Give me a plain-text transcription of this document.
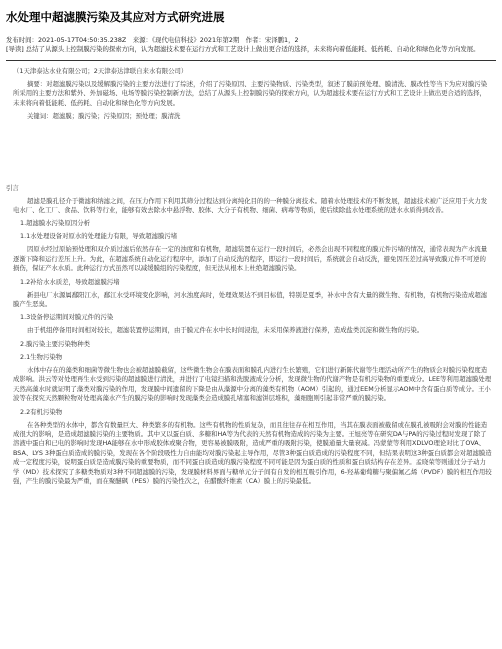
水处理中超滤膜污染及其应对方式研究进展
发布时间：2021-05-17T04:50:35.238Z　来源：《现代电信科技》2021年第2期　作者：宋泽鹏1，2
[导读] 总结了从源头上控制膜污染的探索方向，认为超滤技术要在运行方式和工艺设计上做出更合适的选择，未来将向着低能耗、低药耗、自动化和绿色化等方向发展。
（1天津泰达水业有限公司；2天津泰达津联自来水有限公司）
摘要：对超滤膜污染以及缓解膜污染的主要方法进行了综述，介绍了污染原因、主要污染物质、污染类型，叙述了膜前预处理、膜清洗、膜改性等当下为应对膜污染所采用的主要方法和紫外、外加磁场、电场等膜污染控制新方法，总结了从源头上控制膜污染的探索方向，认为超滤技术要在运行方式和工艺设计上做出更合适的选择，未来将向着低能耗、低药耗、自动化和绿色化等方向发展。
关键词：超滤膜；膜污染；污染原因；预处理；膜清洗
引言
超滤是膜孔径介于微滤和纳滤之间，在压力作用下利用其筛分过程达到分离纯化目的的一种膜分离技术。随着水处理技术的不断发展，超滤技术被广泛应用于火力发电水厂、化工厂、食品、饮料等行业，能够有效去除水中悬浮物、胶体、大分子有机物、细菌、病毒等物质，使后续除盐水处理系统的进水水质得到改善。
1.超滤膜水污染原因分析
1.1水处理设备对原水的处理能力有限，导致超滤膜污堵
因原水经过原始预处理和双介质过滤后依然存在一定的浊度和有机物，超滤装置在运行一段时间后，必然会出现不同程度的膜元件污堵的情况，通常表现为产水流量逐渐下降和运行差压上升。为此，在超滤系统自动化运行程序中，添加了自动反洗的程序，即运行一段时间后，系统就会自动反洗，避免因压差过高导致膜元件不可逆的损伤，保证产水水质。此种运行方式虽然可以减缓膜组的污染程度，但无法从根本上杜绝超滤膜污染。
1.2补给水水质差，导致超滤膜污堵
新县电厂水源属鄱阳江水，鄱江水受环境变化影响，河水浊度高时，处理效果达不到目标值，特别是夏季，补水中含有大量的微生物、有机物，有机物污染造成超滤膜产生恶臭。
1.3设备停运期间对膜元件的污染
由于机组停备用时间相对较长，超滤装置停运期间，由于膜元件在水中长时间浸泡，未采用保养液进行保养，造成盐类沉淀和微生物的污染。
2.膜污染主要污染物种类
2.1生物污染物
水体中存在的藻类和细菌等微生物也会被超滤膜截留，这些微生物会在膜表面和膜孔内进行生长繁殖，它们进行新陈代谢等生理活动所产生的物质会对膜污染程度造成影响。洪云等对处理再生水受到污染的超滤膜进行清洗，并进行了电镜扫描和洗脱液成分分析，发现微生物的代谢产物是有机污染物的重要成分。LEE等利用超滤膜处理天然高藻水时就证明了藻类对膜污染的作用，发现膜中间遗留的下降是由从藻源中分离的藻类有机物（AOM）引起的，通过EEM分析显示AOM中含有蛋白质等成分。王小波等在探究天然颗粒物对处理高藻水产生的膜污染的影响时发现藻类会造成膜孔堵塞和滤饼层堆积，藻细胞则引起非常严重的膜污染。
2.2有机污染物
在各种类型的水体中，都含有数量巨大、种类繁多的有机物。这些有机物的性质复杂，而且往往存在相互作用，当其在膜表面被截留或在膜孔被吸附会对膜的性能造成很大的影响，是造成超滤膜污染的主要物质。其中又以蛋白质、多糖和HA等为代表的天然有机物造成的污染为主要。王旭亮等在研究DA与PA的污染过程时发现了除了溶液中蛋白和已电的影响时发现HA能够在水中形成胶体或聚合物，更容易被膜吸附，造成严重的吸附污染，使膜通量大量衰减。冯蒙蒙等利用XDLVO理论对比了OVA、BSA、LYS 3种蛋白质造成的膜污染，发现在各个阶段吸性力自由能均对膜污染起主导作用，尽管3种蛋白质造成的污染程度不同，但结果表明这3种蛋白质都会对超滤膜造成一定程度污染，说明蛋白质是造成膜污染的重要物质，而不同蛋白质造成的膜污染程度不同可能是因为蛋白质的性质和蛋白质结构存在差异。孟晓荣等则通过分子动力学（MD）技术探究了多糖类物质对3种不同超滤膜的污染，发现膜材料界面与糖单元分子间有自发的相互吸引作用，6-羟基葡萄糖与聚偏氟乙烯（PVDF）膜的相互作用较强，产生的膜污染最为严重，而在聚醚砜（PES）膜的污染性次之，在醋酸纤维素（CA）膜上的污染最低。
